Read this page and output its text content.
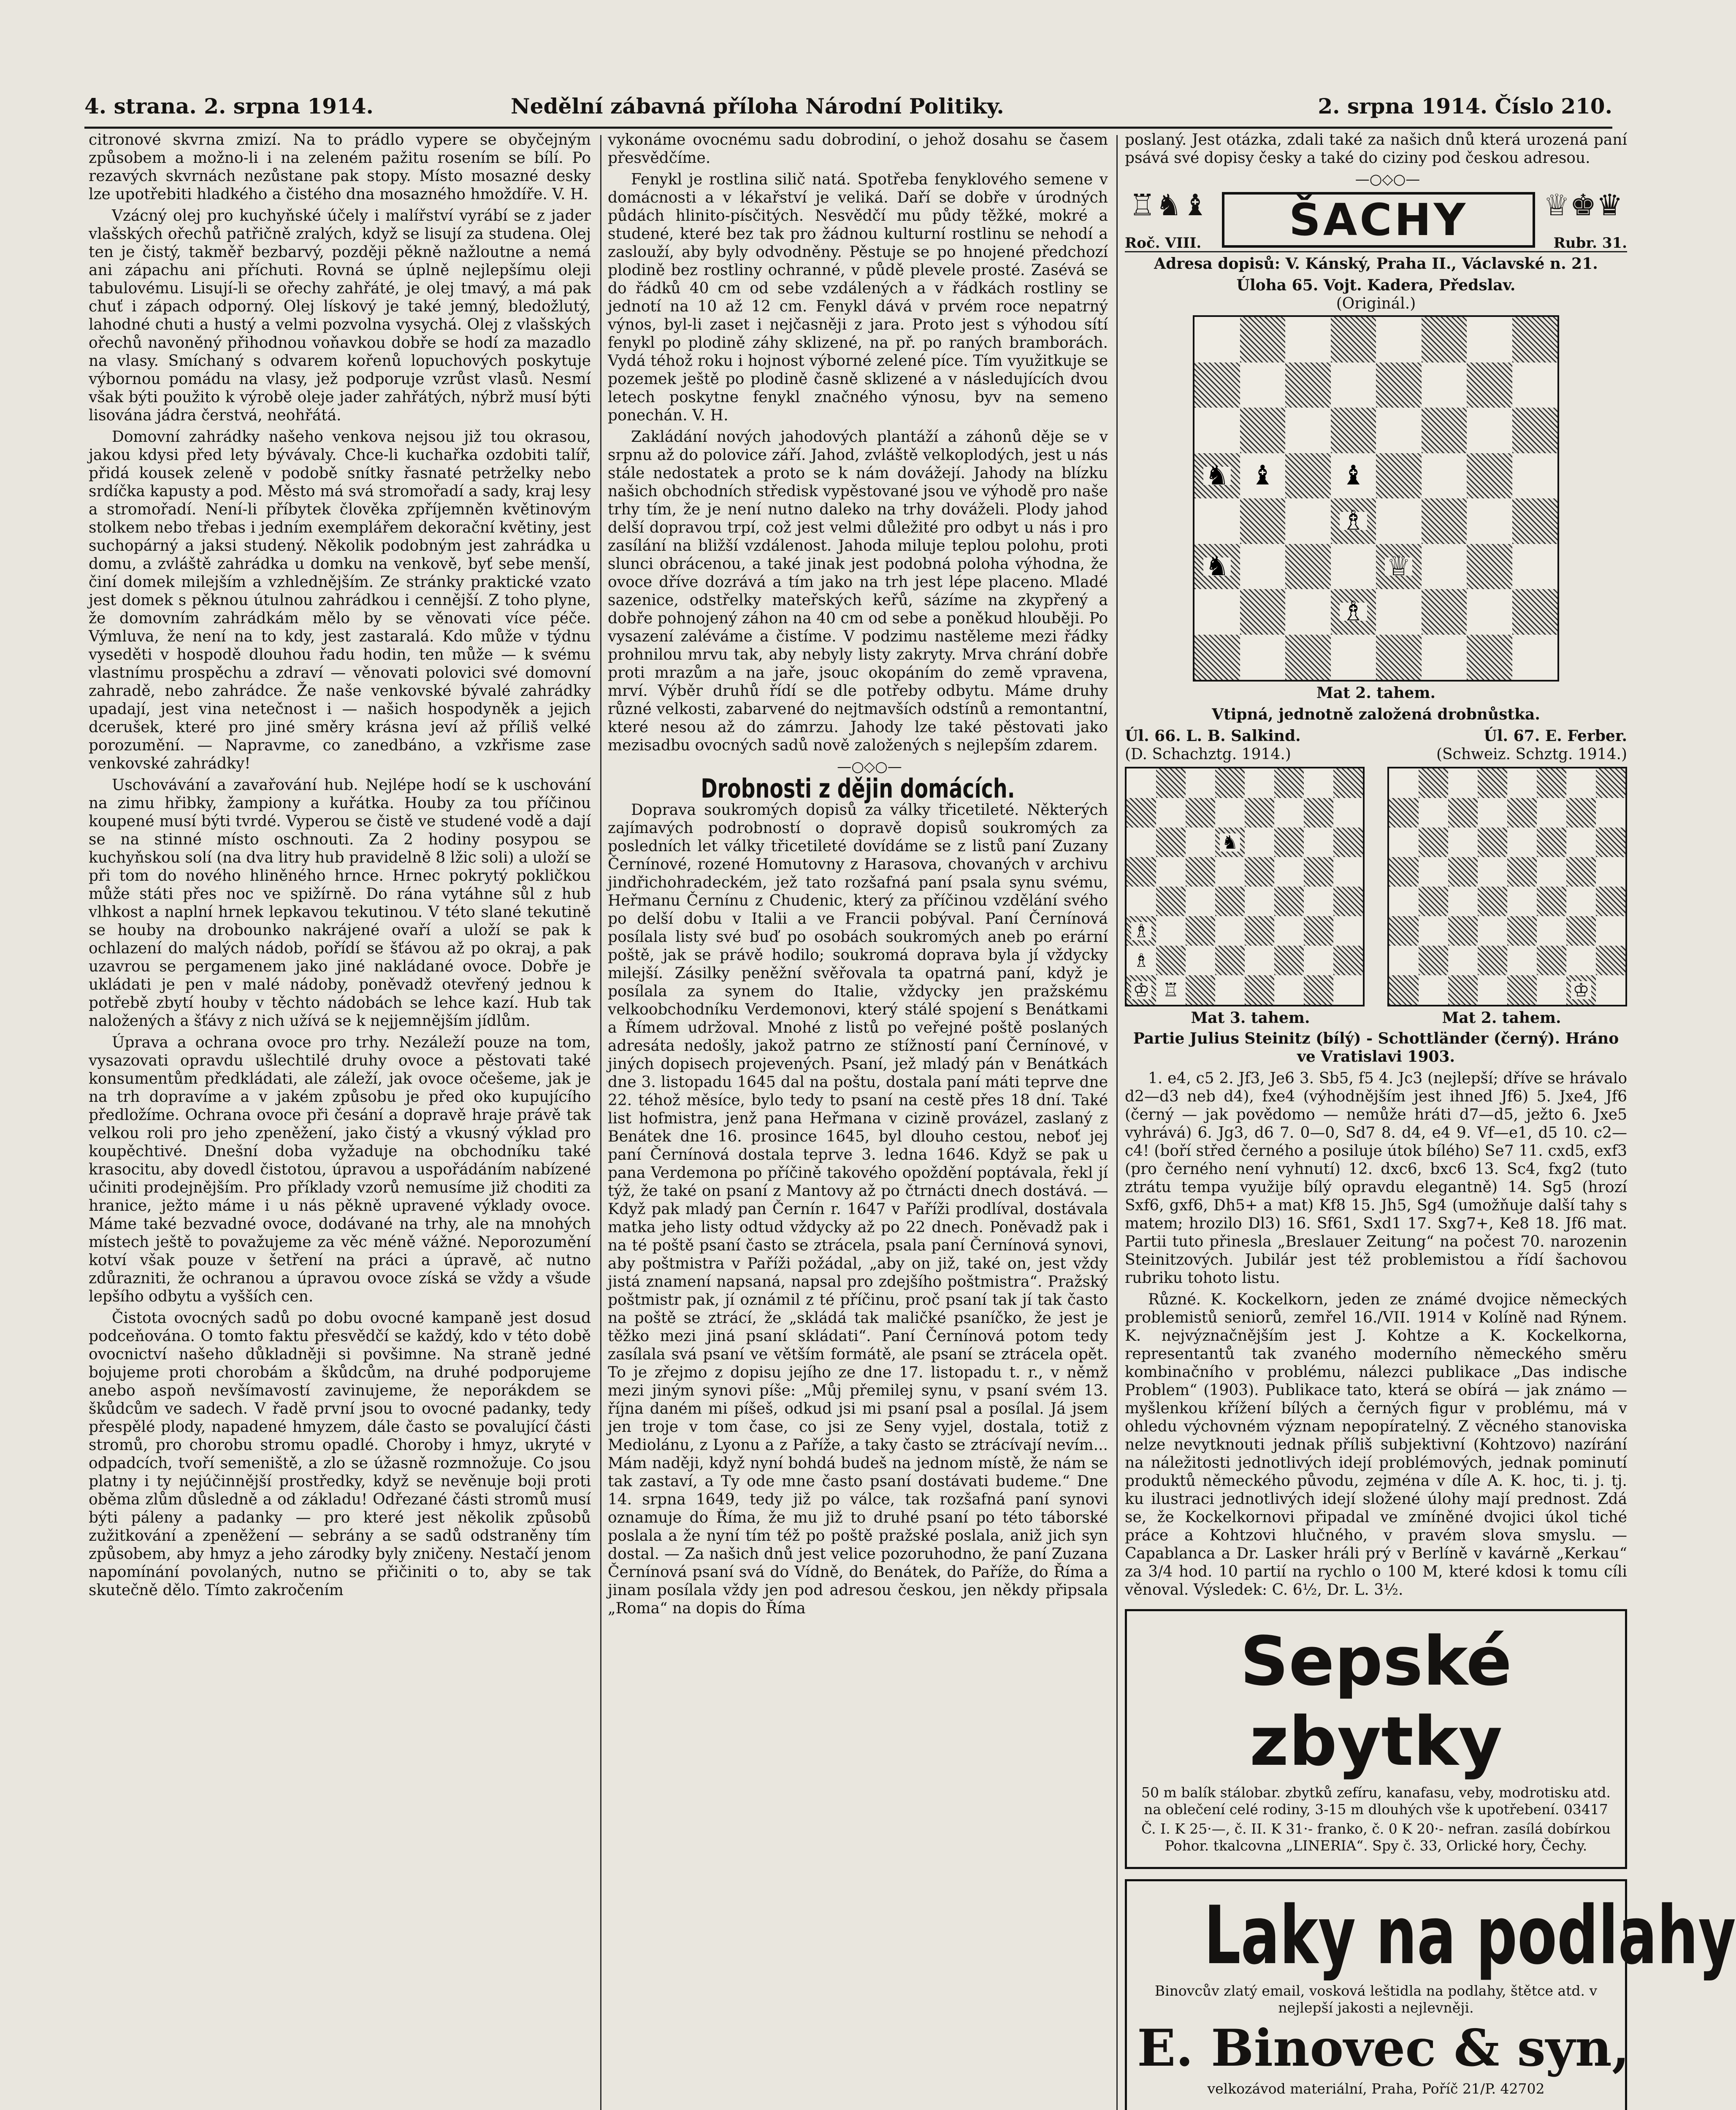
4. strana. 2. srpna 1914.	Nedělní zábavná příloha Národní Politiky.	2. srpna 1914. Číslo 210.

citronové skvrna zmizí. Na to prádlo vypere se obyčejným způsobem a možno-li i na zeleném pažitu rosením se bílí. Po rezavých skvrnách nezůstane pak stopy. Místo mosazné desky lze upotřebiti hladkého a čistého dna mosazného hmoždíře. V. H.

Vzácný olej pro kuchyňské účely i malířství vyrábí se z jader vlašských ořechů patřičně zralých, když se lisují za studena. Olej ten je čistý, takměř bezbarvý, později pěkně nažloutne a nemá ani zápachu ani příchuti. Rovná se úplně nejlepšímu oleji tabulovému. Lisují-li se ořechy zahřáté, je olej tmavý, a má pak chuť i zápach odporný. Olej lískový je také jemný, bledožlutý, lahodné chuti a hustý a velmi pozvolna vysychá. Olej z vlašských ořechů navoněný přihodnou voňavkou dobře se hodí za mazadlo na vlasy. Smíchaný s odvarem kořenů lopuchových poskytuje výbornou pomádu na vlasy, jež podporuje vzrůst vlasů. Nesmí však býti použito k výrobě oleje jader zahřátých, nýbrž musí býti lisována jádra čerstvá, neohřátá.

Domovní zahrádky našeho venkova nejsou již tou okrasou, jakou kdysi před lety bývávaly. Chce-li kuchařka ozdobiti talíř, přidá kousek zeleně v podobě snítky řasnaté petrželky nebo srdíčka kapusty a pod. Město má svá stromořadí a sady, kraj lesy a stromořadí. Není-li příbytek člověka zpříjemněn květinovým stolkem nebo třebas i jedním exemplářem dekorační květiny, jest suchopárný a jaksi studený. Několik podobným jest zahrádka u domu, a zvláště zahrádka u domku na venkově, byť sebe menší, činí domek milejším a vzhlednějším. Ze stránky praktické vzato jest domek s pěknou útulnou zahrádkou i cennější. Z toho plyne, že domovním zahrádkám mělo by se věnovati více péče. Výmluva, že není na to kdy, jest zastaralá. Kdo může v týdnu vyseděti v hospodě dlouhou řadu hodin, ten může — k svému vlastnímu prospěchu a zdraví — věnovati polovici své domovní zahradě, nebo zahrádce. Že naše venkovské bývalé zahrádky upadají, jest vina netečnost i — našich hospodyněk a jejich dcerušek, které pro jiné směry krásna jeví až příliš velké porozumění. — Napravme, co zanedbáno, a vzkřisme zase venkovské zahrádky!

Uschovávání a zavařování hub. Nejlépe hodí se k uschování na zimu hřibky, žampiony a kuřátka. Houby za tou příčinou koupené musí býti tvrdé. Vyperou se čistě ve studené vodě a dají se na stinné místo oschnouti. Za 2 hodiny posypou se kuchyňskou solí (na dva litry hub pravidelně 8 lžic soli) a uloží se při tom do nového hliněného hrnce. Hrnec pokrytý pokličkou může státi přes noc ve spižírně. Do rána vytáhne sůl z hub vlhkost a naplní hrnek lepkavou tekutinou. V této slané tekutině se houby na drobounko nakrájené ovaří a uloží se pak k ochlazení do malých nádob, pořídí se šťávou až po okraj, a pak uzavrou se pergamenem jako jiné nakládané ovoce. Dobře je ukládati je pen v malé nádoby, poněvadž otevřený jednou k potřebě zbytí houby v těchto nádobách se lehce kazí. Hub tak naložených a šťávy z nich užívá se k nejjemnějším jídlům.

Úprava a ochrana ovoce pro trhy. Nezáleží pouze na tom, vysazovati opravdu ušlechtilé druhy ovoce a pěstovati také konsumentům předkládati, ale záleží, jak ovoce očešeme, jak je na trh dopravíme a v jakém způsobu je před oko kupujícího předložíme. Ochrana ovoce při česání a dopravě hraje právě tak velkou roli pro jeho zpeněžení, jako čistý a vkusný výklad pro koupěchtivé. Dnešní doba vyžaduje na obchodníku také krasocitu, aby dovedl čistotou, úpravou a uspořádáním nabízené učiniti prodejnějším. Pro příklady vzorů nemusíme již choditi za hranice, ježto máme i u nás pěkně upravené výklady ovoce. Máme také bezvadné ovoce, dodávané na trhy, ale na mnohých místech ještě to považujeme za věc méně vážné. Neporozumění kotví však pouze v šetření na práci a úpravě, ač nutno zdůrazniti, že ochranou a úpravou ovoce získá se vždy a všude lepšího odbytu a vyšších cen.

Čistota ovocných sadů po dobu ovocné kampaně jest dosud podceňována. O tomto faktu přesvědčí se každý, kdo v této době ovocnictví našeho důkladněji si povšimne. Na straně jedné bojujeme proti chorobám a škůdcům, na druhé podporujeme anebo aspoň nevšímavostí zavinujeme, že neporákdem se škůdcům ve sadech. V řadě první jsou to ovocné padanky, tedy přespělé plody, napadené hmyzem, dále často se povalující části stromů, pro chorobu stromu opadlé. Choroby i hmyz, ukryté v odpadcích, tvoří semeniště, a zlo se úžasně rozmnožuje. Co jsou platny i ty nejúčinnější prostředky, když se nevěnuje boji proti oběma zlům důsledně a od základu! Odřezané části stromů musí býti páleny a padanky — pro které jest několik způsobů zužitkování a zpeněžení — sebrány a se sadů odstraněny tím způsobem, aby hmyz a jeho zárodky byly zničeny. Nestačí jenom napomínání povolaných, nutno se přičiniti o to, aby se tak skutečně dělo. Tímto zakročením

vykonáme ovocnému sadu dobrodiní, o jehož dosahu se časem přesvědčíme.

Fenykl je rostlina silič natá. Spotřeba fenyklového semene v domácnosti a v lékařství je veliká. Daří se dobře v úrodných půdách hlinito-písčitých. Nesvědčí mu půdy těžké, mokré a studené, které bez tak pro žádnou kulturní rostlinu se nehodí a zaslouží, aby byly odvodněny. Pěstuje se po hnojené předchozí plodině bez rostliny ochranné, v půdě plevele prosté. Zasévá se do řádků 40 cm od sebe vzdálených a v řádkách rostliny se jednotí na 10 až 12 cm. Fenykl dává v prvém roce nepatrný výnos, byl-li zaset i nejčasněji z jara. Proto jest s výhodou sítí fenykl po plodině záhy sklizené, na př. po raných bramborách. Vydá téhož roku i hojnost výborné zelené píce. Tím využitkuje se pozemek ještě po plodině časně sklizené a v následujících dvou letech poskytne fenykl značného výnosu, byv na semeno ponechán. V. H.

Zakládání nových jahodových plantáží a záhonů děje se v srpnu až do polovice září. Jahod, zvláště velkoplodých, jest u nás stále nedostatek a proto se k nám dovážejí. Jahody na blízku našich obchodních středisk vypěstované jsou ve výhodě pro naše trhy tím, že je není nutno daleko na trhy dováželi. Plody jahod delší dopravou trpí, což jest velmi důležité pro odbyt u nás i pro zasílání na bližší vzdálenost. Jahoda miluje teplou polohu, proti slunci obrácenou, a také jinak jest podobná poloha výhodna, že ovoce dříve dozrává a tím jako na trh jest lépe placeno. Mladé sazenice, odstřelky mateřských keřů, sázíme na zkypřený a dobře pohnojený záhon na 40 cm od sebe a poněkud hlouběji. Po vysazení zaléváme a čistíme. V podzimu nastěleme mezi řádky prohnilou mrvu tak, aby nebyly listy zakryty. Mrva chrání dobře proti mrazům a na jaře, jsouc okopáním do země vpravena, mrví. Výběr druhů řídí se dle potřeby odbytu. Máme druhy různé velkosti, zabarvené do nejtmavších odstínů a remontantní, které nesou až do zámrzu. Jahody lze také pěstovati jako mezisadbu ovocných sadů nově založených s nejlepším zdarem.

—○◇○—

Drobnosti z dějin domácích.

Doprava soukromých dopisů za války třicetileté. Některých zajímavých podrobností o dopravě dopisů soukromých za posledních let války třicetileté dovídáme se z listů paní Zuzany Černínové, rozené Homutovny z Harasova, chovaných v archivu jindřichohradeckém, jež tato rozšafná paní psala synu svému, Heřmanu Černínu z Chudenic, který za příčinou vzdělání svého po delší dobu v Italii a ve Francii pobýval. Paní Černínová posílala listy své buď po osobách soukromých aneb po erární poště, jak se právě hodilo; soukromá doprava byla jí vždycky milejší. Zásilky peněžní svěřovala ta opatrná paní, když je posílala za synem do Italie, vždycky jen pražskému velkoobchodníku Verdemonovi, který stálé spojení s Benátkami a Římem udržoval. Mnohé z listů po veřejné poště poslaných adresáta nedošly, jakož patrno ze stížností paní Černínové, v jiných dopisech projevených. Psaní, jež mladý pán v Benátkách dne 3. listopadu 1645 dal na poštu, dostala paní máti teprve dne 22. téhož měsíce, bylo tedy to psaní na cestě přes 18 dní. Také list hofmistra, jenž pana Heřmana v cizině provázel, zaslaný z Benátek dne 16. prosince 1645, byl dlouho cestou, neboť jej paní Černínová dostala teprve 3. ledna 1646. Když se pak u pana Verdemona po příčině takového opoždění poptávala, řekl jí týž, že také on psaní z Mantovy až po čtrnácti dnech dostává. — Když pak mladý pan Černín r. 1647 v Paříži prodlíval, dostávala matka jeho listy odtud vždycky až po 22 dnech. Poněvadž pak i na té poště psaní často se ztrácela, psala paní Černínová synovi, aby poštmistra v Paříži požádal, „aby on již, také on, jest vždy jistá znamení napsaná, napsal pro zdejšího poštmistra“. Pražský poštmistr pak, jí oznámil z té příčinu, proč psaní tak jí tak často na poště se ztrácí, že „skládá tak maličké psaníčko, že jest je těžko mezi jiná psaní skládati“. Paní Černínová potom tedy zasílala svá psaní ve větším formátě, ale psaní se ztrácela opět. To je zřejmo z dopisu jejího ze dne 17. listopadu t. r., v němž mezi jiným synovi píše: „Můj přemilej synu, v psaní svém 13. října daném mi píšeš, odkud jsi mi psaní psal a posílal. Já jsem jen troje v tom čase, co jsi ze Seny vyjel, dostala, totiž z Mediolánu, z Lyonu a z Paříže, a taky často se ztrácívají nevím... Mám naději, když nyní bohdá budeš na jednom místě, že nám se tak zastaví, a Ty ode mne často psaní dostávati budeme.“ Dne 14. srpna 1649, tedy již po válce, tak rozšafná paní synovi oznamuje do Říma, že mu již to druhé psaní po této táborské poslala a že nyní tím též po poště pražské poslala, aniž jich syn dostal. — Za našich dnů jest velice pozoruhodno, že paní Zuzana Černínová psaní svá do Vídně, do Benátek, do Paříže, do Říma a jinam posílala vždy jen pod adresou českou, jen někdy připsala „Roma“ na dopis do Říma

poslaný. Jest otázka, zdali také za našich dnů která urozená paní psává své dopisy česky a také do ciziny pod českou adresou.

—○◇○—

♖♞♝	ŠACHY	♕♚♛
Roč. VIII.	Rubr. 31.

Adresa dopisů: V. Kánský, Praha II., Václavské n. 21.

Úloha 65. Vojt. Kadera, Předslav.

(Originál.)

♞ ♝ ♝
♗
♞	♕
♗

Mat 2. tahem.

Vtipná, jednotně založená drobnůstka.

Úl. 66. L. B. Salkind.	Úl. 67. E. Ferber.
(D. Schachztg. 1914.)	(Schweiz. Schztg. 1914.)
♞
♗
♗
♔ ♖	♔
Mat 3. tahem.	Mat 2. tahem.

Partie Julius Steinitz (bílý) - Schottländer (černý). Hráno ve Vratislavi 1903.

1. e4, c5 2. Jf3, Je6 3. Sb5, f5 4. Jc3 (nejlepší; dříve se hrávalo d2—d3 neb d4), fxe4 (výhodnějším jest ihned Jf6) 5. Jxe4, Jf6 (černý — jak povědomo — nemůže hráti d7—d5, ježto 6. Jxe5 vyhrává) 6. Jg3, d6 7. 0—0, Sd7 8. d4, e4 9. Vf—e1, d5 10. c2—c4! (boří střed černého a posiluje útok bílého) Se7 11. cxd5, exf3 (pro černého není vyhnutí) 12. dxc6, bxc6 13. Sc4, fxg2 (tuto ztrátu tempa využije bílý opravdu elegantně) 14. Sg5 (hrozí Sxf6, gxf6, Dh5+ a mat) Kf8 15. Jh5, Sg4 (umožňuje další tahy s matem; hrozilo Dl3) 16. Sf61, Sxd1 17. Sxg7+, Ke8 18. Jf6 mat. Partii tuto přinesla „Breslauer Zeitung“ na počest 70. narozenin Steinitzových. Jubilár jest též problemistou a řídí šachovou rubriku tohoto listu.

Různé. K. Kockelkorn, jeden ze známé dvojice německých problemistů seniorů, zemřel 16./VII. 1914 v Kolíně nad Rýnem. K. nejvýznačnějším jest J. Kohtze a K. Kockelkorna, representantů tak zvaného moderního německého směru kombinačního v problému, nálezci publikace „Das indische Problem“ (1903). Publikace tato, která se obírá — jak známo — myšlenkou křížení bílých a černých figur v problému, má v ohledu výchovném význam nepopíratelný. Z věcného stanoviska nelze nevytknouti jednak příliš subjektivní (Kohtzovo) nazírání na náležitosti jednotlivých idejí problémových, jednak pominutí produktů německého původu, zejména v díle A. K. hoc, ti. j. tj. ku ilustraci jednotlivých idejí složené úlohy mají prednost. Zdá se, že Kockelkornovi připadal ve zmíněné dvojici úkol tiché práce a Kohtzovi hlučného, v pravém slova smyslu. — Capablanca a Dr. Lasker hráli prý v Berlíně v kavárně „Kerkau“ za 3/4 hod. 10 partií na rychlo o 100 M, které kdosi k tomu cíli věnoval. Výsledek: C. 6½, Dr. L. 3½.

Sepské zbytky

50 m balík stálobar. zbytků zefíru, kanafasu, veby, modrotisku atd. na oblečení celé rodiny, 3-15 m dlouhých vše k upotřebení. 03417

Č. I. K 25·—, č. II. K 31·- franko, č. 0 K 20·- nefran. zasílá dobírkou Pohor. tkalcovna „LINERIA“. Spy č. 33, Orlické hory, Čechy.

Laky na podlahy

Binovcův zlatý email, vosková leštidla na podlahy, štětce atd. v nejlepší jakosti a nejlevněji.

E. Binovec & syn,

velkozávod materiální, Praha, Poříč 21/P. 42702
